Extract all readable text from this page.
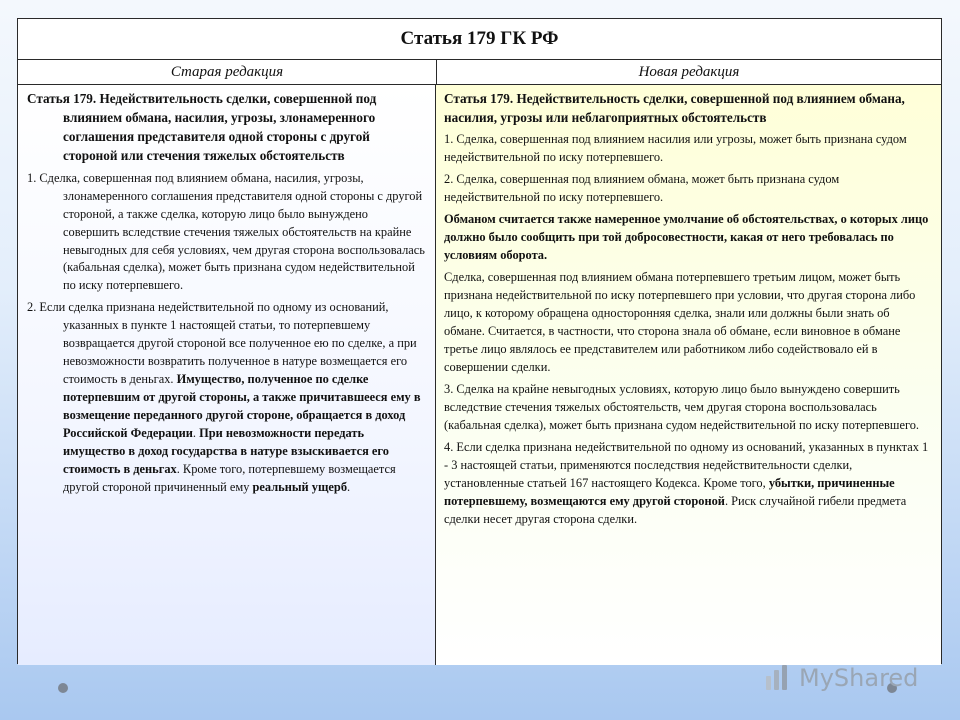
Статья 179 ГК РФ
Старая редакция	Новая редакция

Статья 179. Недействительность сделки, совершенной под влиянием обмана, насилия, угрозы, злонамеренного соглашения представителя одной стороны с другой стороной или стечения тяжелых обстоятельств

1. Сделка, совершенная под влиянием обмана, насилия, угрозы, злонамеренного соглашения представителя одной стороны с другой стороной, а также сделка, которую лицо было вынуждено совершить вследствие стечения тяжелых обстоятельств на крайне невыгодных для себя условиях, чем другая сторона воспользовалась (кабальная сделка), может быть признана судом недействительной по иску потерпевшего.

2. Если сделка признана недействительной по одному из оснований, указанных в пункте 1 настоящей статьи, то потерпевшему возвращается другой стороной все полученное ею по сделке, а при невозможности возвратить полученное в натуре возмещается его стоимость в деньгах. Имущество, полученное по сделке потерпевшим от другой стороны, а также причитавшееся ему в возмещение переданного другой стороне, обращается в доход Российской Федерации. При невозможности передать имущество в доход государства в натуре взыскивается его стоимость в деньгах. Кроме того, потерпевшему возмещается другой стороной причиненный ему реальный ущерб.

Статья 179. Недействительность сделки, совершенной под влиянием обмана, насилия, угрозы или неблагоприятных обстоятельств

1. Сделка, совершенная под влиянием насилия или угрозы, может быть признана судом недействительной по иску потерпевшего.

2. Сделка, совершенная под влиянием обмана, может быть признана судом недействительной по иску потерпевшего.

Обманом считается также намеренное умолчание об обстоятельствах, о которых лицо должно было сообщить при той добросовестности, какая от него требовалась по условиям оборота.

Сделка, совершенная под влиянием обмана потерпевшего третьим лицом, может быть признана недействительной по иску потерпевшего при условии, что другая сторона либо лицо, к которому обращена односторонняя сделка, знали или должны были знать об обмане. Считается, в частности, что сторона знала об обмане, если виновное в обмане третье лицо являлось ее представителем или работником либо содействовало ей в совершении сделки.

3. Сделка на крайне невыгодных условиях, которую лицо было вынуждено совершить вследствие стечения тяжелых обстоятельств, чем другая сторона воспользовалась (кабальная сделка), может быть признана судом недействительной по иску потерпевшего.

4. Если сделка признана недействительной по одному из оснований, указанных в пунктах 1 - 3 настоящей статьи, применяются последствия недействительности сделки, установленные статьей 167 настоящего Кодекса. Кроме того, убытки, причиненные потерпевшему, возмещаются ему другой стороной. Риск случайной гибели предмета сделки несет другая сторона сделки.

MyShared
